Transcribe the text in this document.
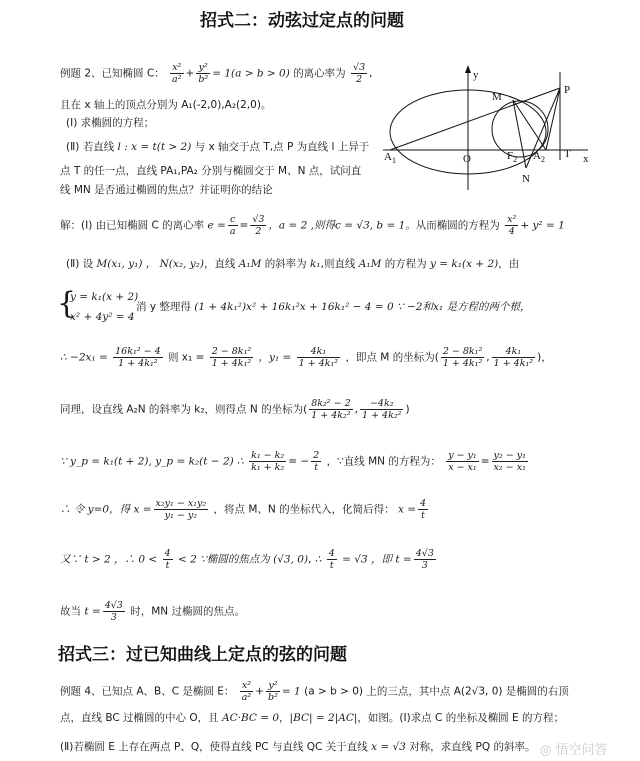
招式二：动弦过定点的问题
例题 2、已知椭圆 C： $\frac{\text{x²}}{\text{a²}} + \frac{\text{y²}}{\text{b²}} = 1(a > b > 0)$ 的离心率为 $\frac{√3}{2}$ ,
且在 x 轴上的顶点分别为 A₁(-2,0),A₂(2,0)。
(Ⅰ) 求椭圆的方程；
(Ⅱ) 若直线 l : x = t(t > 2) 与 x 轴交于点 T,点 P 为直线 l 上异于
点 T 的任一点，直线 PA₁,PA₂ 分别与椭圆交于 M、N 点，试问直
线 MN 是否通过椭圆的焦点？并证明你的结论
y
x
M
P
$A_1$	O	$F_2$ $A_2$ T
N
解：(Ⅰ) 由已知椭圆 C 的离心率 $e = \frac{c}{a} = \frac{√3}{2}$ ，a = 2 ,则得c = √3, b = 1。从而椭圆的方程为 $\frac{\text{x²}}{4} + y^2 = 1$
(Ⅱ) 设 M(x₁, y₁) ， N(x₂, y₂)，直线 A₁M 的斜率为 k₁,则直线 A₁M 的方程为 y = k₁(x + 2)，由
{
y = k₁(x + 2)
x² + 4y² = 4
消 y 整理得 (1 + 4k₁²)x² + 16k₁²x + 16k₁² − 4 = 0 ∵ −2和x₁ 是方程的两个根，
∴ $-2x_1 = \frac{\text{16k₁² − 4}}{\text{1 + 4k₁²}}$ 则 $x_1 = \frac{\text{2 − 8k₁²}}{\text{1 + 4k₁²}}$ ，$y_1 = \frac{\text{4k₁}}{\text{1 + 4k₁²}}$ ，即点 M 的坐标为( $\frac{\text{2 − 8k₁²}}{\text{1 + 4k₁²}}$ , $\frac{\text{4k₁}}{\text{1 + 4k₁²}}$ )，
同理，设直线 A₂N 的斜率为 k₂，则得点 N 的坐标为( $\frac{\text{8k₂² − 2}}{\text{1 + 4k₂²}}$ , $\frac{\text{−4k₂}}{\text{1 + 4k₂²}}$ )
∵ y_p = k₁(t + 2), y_p = k₂(t − 2) ∴ $\frac{\text{k₁ − k₂}}{\text{k₁ + k₂}}$ = − $\frac{2}{t}$ ，∵直线 MN 的方程为： $\frac{\text{y − y₁}}{\text{x − x₁}} = \frac{\text{y₂ − y₁}}{\text{x₂ − x₁}}$
∴ 令 y=0，得 $x = \frac{\text{x₂y₁ − x₁y₂}}{\text{y₁ − y₂}}$ ，将点 M、N 的坐标代入，化简后得： $x = \frac{4}{t}$
又∵ t > 2 ，∴ $0 < \frac{4}{t} < 2$ ∵椭圆的焦点为 (√3, 0), ∴ $\frac{4}{t} = √3$ ，即 $t = \frac{4√3}{3}$
故当 $t = \frac{4√3}{3}$ 时，MN 过椭圆的焦点。
招式三：过已知曲线上定点的弦的问题
例题 4、已知点 A、B、C 是椭圆 E： $\frac{\text{x²}}{\text{a²}} + \frac{\text{y²}}{\text{b²}} = 1$ (a > b > 0) 上的三点，其中点 A(2√3, 0) 是椭圆的右顶
点，直线 BC 过椭圆的中心 O，且 AC·BC = 0，|BC| = 2|AC|，如图。(Ⅰ)求点 C 的坐标及椭圆 E 的方程；
(Ⅱ)若椭圆 E 上存在两点 P、Q，使得直线 PC 与直线 QC 关于直线 x = √3 对称，求直线 PQ 的斜率。 ◎ 悟空问答
